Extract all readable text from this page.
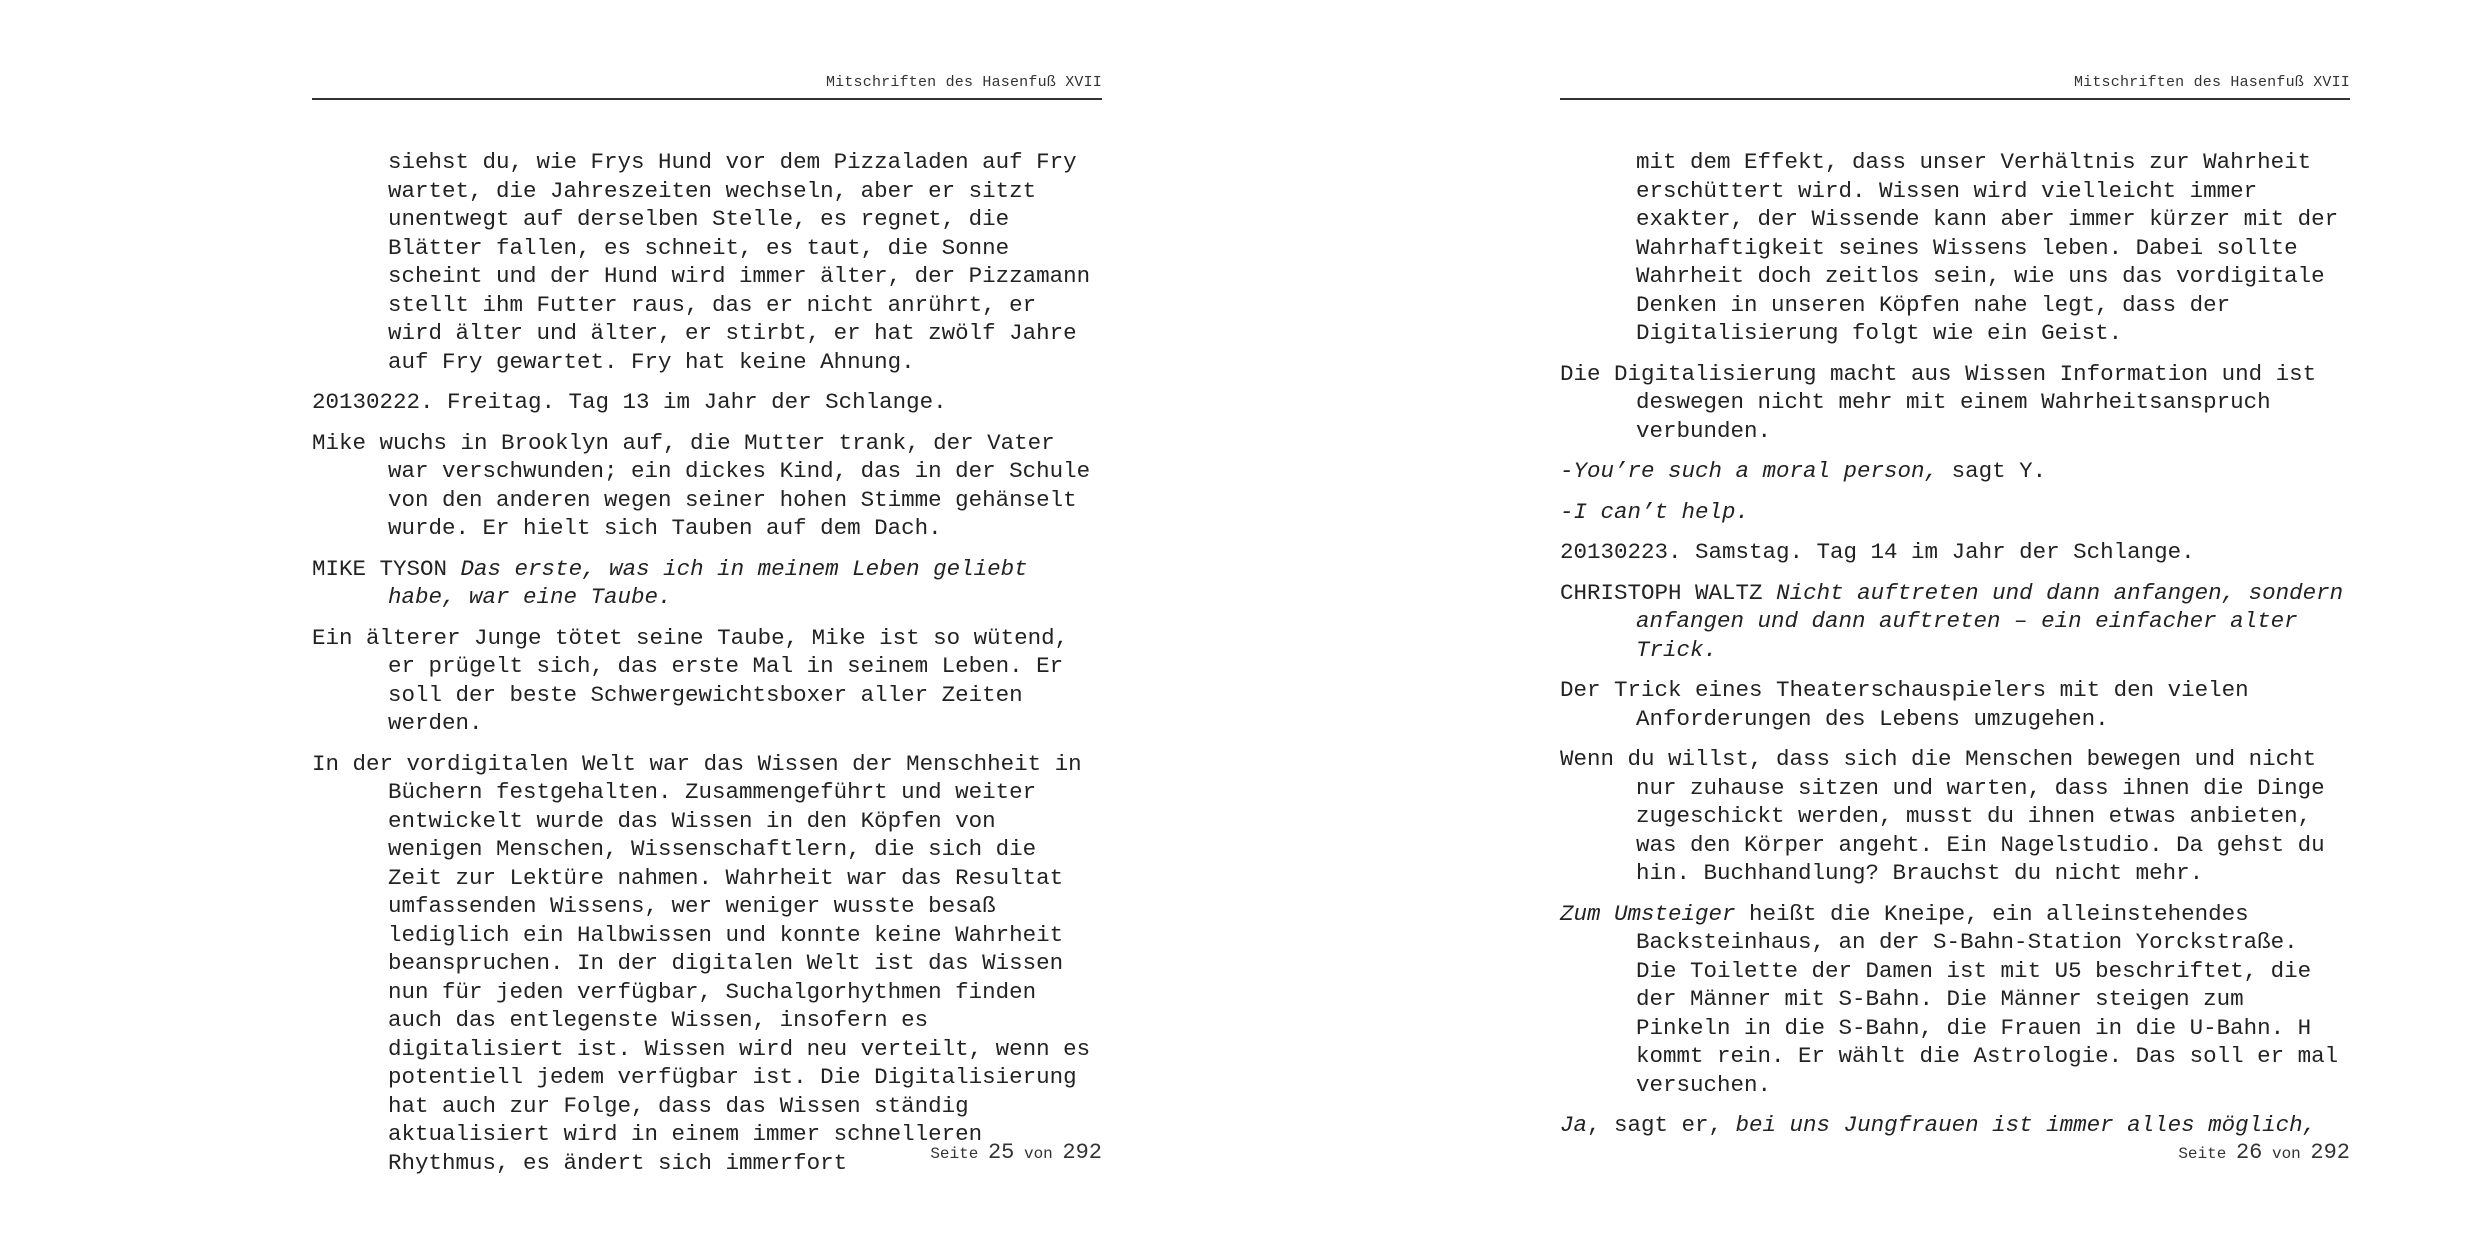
Mitschriften des Hasenfuß XVII

siehst du, wie Frys Hund vor dem Pizzaladen auf Fry wartet, die Jahreszeiten wechseln, aber er sitzt unentwegt auf derselben Stelle, es regnet, die Blätter fallen, es schneit, es taut, die Sonne scheint und der Hund wird immer älter, der Pizzamann stellt ihm Futter raus, das er nicht anrührt, er wird älter und älter, er stirbt, er hat zwölf Jahre auf Fry gewartet. Fry hat keine Ahnung.

20130222. Freitag. Tag 13 im Jahr der Schlange.

Mike wuchs in Brooklyn auf, die Mutter trank, der Vater war verschwunden; ein dickes Kind, das in der Schule von den anderen wegen seiner hohen Stimme gehänselt wurde. Er hielt sich Tauben auf dem Dach.

MIKE TYSON Das erste, was ich in meinem Leben geliebt habe, war eine Taube.

Ein älterer Junge tötet seine Taube, Mike ist so wütend, er prügelt sich, das erste Mal in seinem Leben. Er soll der beste Schwergewichtsboxer aller Zeiten werden.

In der vordigitalen Welt war das Wissen der Menschheit in Büchern festgehalten. Zusammengeführt und weiter entwickelt wurde das Wissen in den Köpfen von wenigen Menschen, Wissenschaftlern, die sich die Zeit zur Lektüre nahmen. Wahrheit war das Resultat umfassenden Wissens, wer weniger wusste besaß lediglich ein Halbwissen und konnte keine Wahrheit beanspruchen. In der digitalen Welt ist das Wissen nun für jeden verfügbar, Suchalgorhythmen finden auch das entlegenste Wissen, insofern es digitalisiert ist. Wissen wird neu verteilt, wenn es potentiell jedem verfügbar ist. Die Digitalisierung hat auch zur Folge, dass das Wissen ständig aktualisiert wird in einem immer schnelleren Rhythmus, es ändert sich immerfort	Seite 25 von 292
Mitschriften des Hasenfuß XVII

mit dem Effekt, dass unser Verhältnis zur Wahrheit erschüttert wird. Wissen wird vielleicht immer exakter, der Wissende kann aber immer kürzer mit der Wahrhaftigkeit seines Wissens leben. Dabei sollte Wahrheit doch zeitlos sein, wie uns das vordigitale Denken in unseren Köpfen nahe legt, dass der Digitalisierung folgt wie ein Geist.

Die Digitalisierung macht aus Wissen Information und ist deswegen nicht mehr mit einem Wahrheitsanspruch verbunden.

-You’re such a moral person, sagt Y.

-I can’t help.

20130223. Samstag. Tag 14 im Jahr der Schlange.

CHRISTOPH WALTZ Nicht auftreten und dann anfangen, sondern anfangen und dann auftreten – ein einfacher alter Trick.

Der Trick eines Theaterschauspielers mit den vielen Anforderungen des Lebens umzugehen.

Wenn du willst, dass sich die Menschen bewegen und nicht nur zuhause sitzen und warten, dass ihnen die Dinge zugeschickt werden, musst du ihnen etwas anbieten, was den Körper angeht. Ein Nagelstudio. Da gehst du hin. Buchhandlung? Brauchst du nicht mehr.

Zum Umsteiger heißt die Kneipe, ein alleinstehendes Backsteinhaus, an der S-Bahn-Station Yorckstraße. Die Toilette der Damen ist mit U5 beschriftet, die der Männer mit S-Bahn. Die Männer steigen zum Pinkeln in die S-Bahn, die Frauen in die U-Bahn. H kommt rein. Er wählt die Astrologie. Das soll er mal versuchen.

Ja, sagt er, bei uns Jungfrauen ist immer alles möglich,

Seite 26 von 292
